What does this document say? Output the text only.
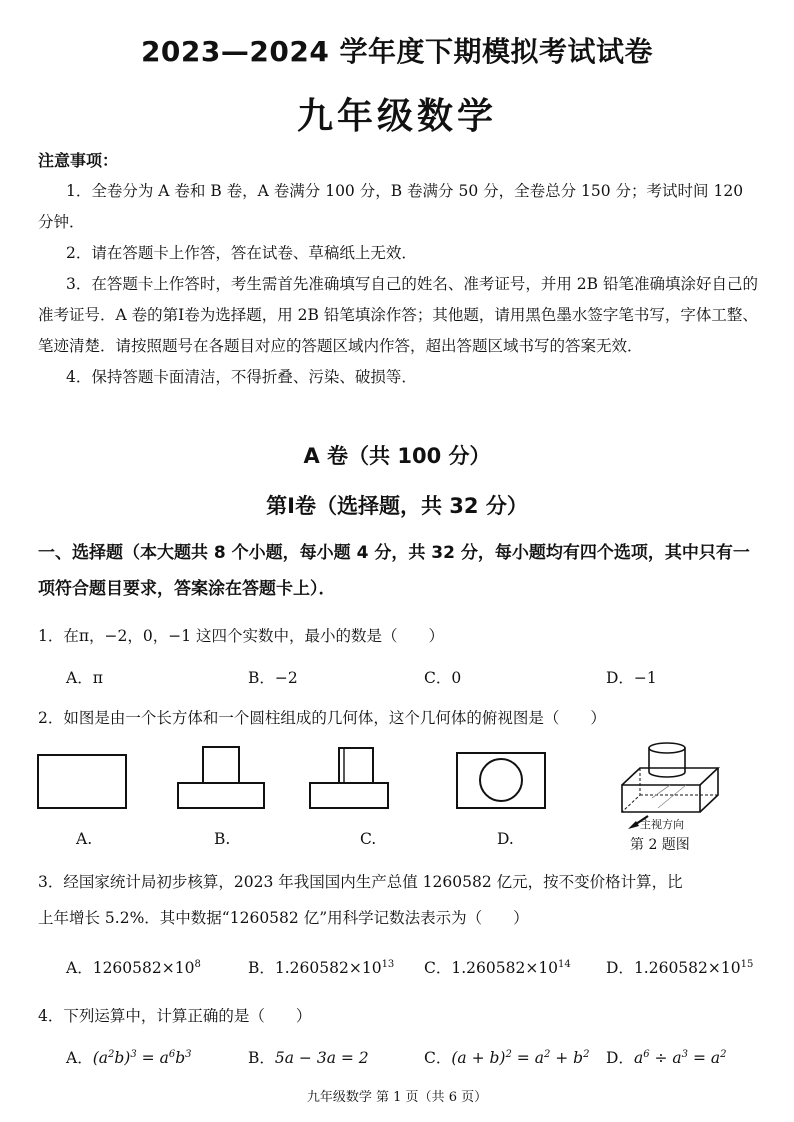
2023—2024 学年度下期模拟考试试卷
九年级数学
注意事项：

1．全卷分为 A 卷和 B 卷，A 卷满分 100 分，B 卷满分 50 分，全卷总分 150 分；考试时间 120 分钟．

2．请在答题卡上作答，答在试卷、草稿纸上无效．

3．在答题卡上作答时，考生需首先准确填写自己的姓名、准考证号，并用 2B 铅笔准确填涂好自己的准考证号．A 卷的第Ⅰ卷为选择题，用 2B 铅笔填涂作答；其他题，请用黑色墨水签字笔书写，字体工整、笔迹清楚．请按照题号在各题目对应的答题区域内作答，超出答题区域书写的答案无效．

4．保持答题卡面清洁，不得折叠、污染、破损等．

A 卷（共 100 分）
第Ⅰ卷（选择题，共 32 分）
一、选择题（本大题共 8 个小题，每小题 4 分，共 32 分，每小题均有四个选项，其中只有一项符合题目要求，答案涂在答题卡上）．
1．在π，−2，0，−1 这四个实数中，最小的数是（　　）
A．π	B．−2	C．0	D．−1
2．如图是由一个长方体和一个圆柱组成的几何体，这个几何体的俯视图是（　　）
主视方向
A.	B.	C.	D.	第 2 题图
3．经国家统计局初步核算，2023 年我国国内生产总值 1260582 亿元，按不变价格计算，比
上年增长 5.2%．其中数据“1260582 亿”用科学记数法表示为（　　）
A．$1260582\times 10^8$	B．$1.260582\times 10^{13}$ C．$1.260582\times 10^{14}$ D．$1.260582\times 10^{15}$
4．下列运算中，计算正确的是（　　）
A．$(a^2b)^3 = a^6b^3$	B．5a − 3a = 2	C．$(a + b)^2 = a^2 + b^2$ D．$a^6 \div a^3 = a^2$
九年级数学 第 1 页（共 6 页）
